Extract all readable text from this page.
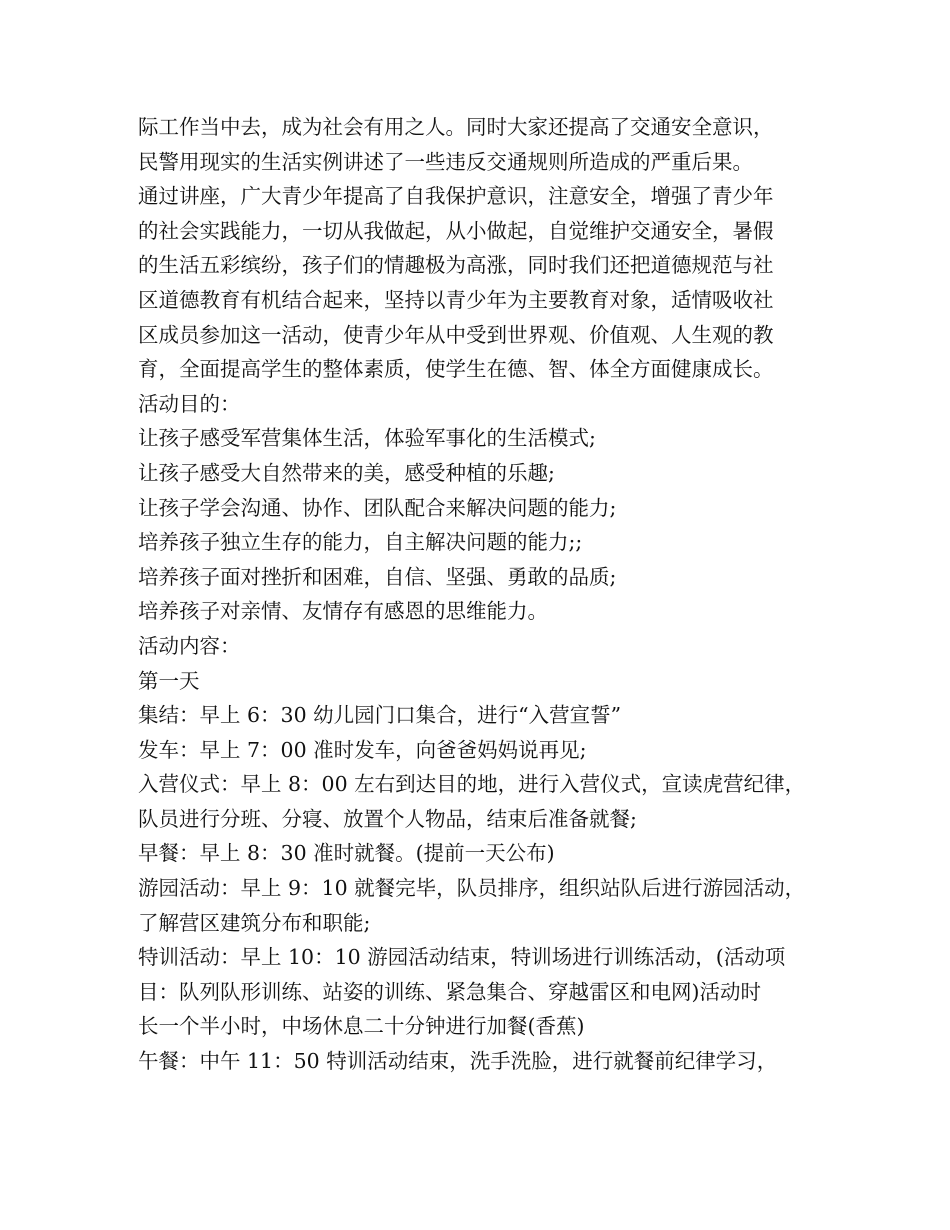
际工作当中去，成为社会有用之人。同时大家还提高了交通安全意识，
民警用现实的生活实例讲述了一些违反交通规则所造成的严重后果。
通过讲座，广大青少年提高了自我保护意识，注意安全，增强了青少年
的社会实践能力，一切从我做起，从小做起，自觉维护交通安全，暑假
的生活五彩缤纷，孩子们的情趣极为高涨，同时我们还把道德规范与社
区道德教育有机结合起来，坚持以青少年为主要教育对象，适情吸收社
区成员参加这一活动，使青少年从中受到世界观、价值观、人生观的教
育，全面提高学生的整体素质，使学生在德、智、体全方面健康成长。
活动目的：
让孩子感受军营集体生活，体验军事化的生活模式;
让孩子感受大自然带来的美，感受种植的乐趣;
让孩子学会沟通、协作、团队配合来解决问题的能力;
培养孩子独立生存的能力，自主解决问题的能力;;
培养孩子面对挫折和困难，自信、坚强、勇敢的品质;
培养孩子对亲情、友情存有感恩的思维能力。
活动内容：
第一天
集结：早上 6：30 幼儿园门口集合，进行“入营宣誓”
发车：早上 7：00 准时发车，向爸爸妈妈说再见;
入营仪式：早上 8：00 左右到达目的地，进行入营仪式，宣读虎营纪律，
队员进行分班、分寝、放置个人物品，结束后准备就餐;
早餐：早上 8：30 准时就餐。(提前一天公布)
游园活动：早上 9：10 就餐完毕，队员排序，组织站队后进行游园活动，
了解营区建筑分布和职能;
特训活动：早上 10：10 游园活动结束，特训场进行训练活动，(活动项
目：队列队形训练、站姿的训练、紧急集合、穿越雷区和电网)活动时
长一个半小时，中场休息二十分钟进行加餐(香蕉)
午餐：中午 11：50 特训活动结束，洗手洗脸，进行就餐前纪律学习，
